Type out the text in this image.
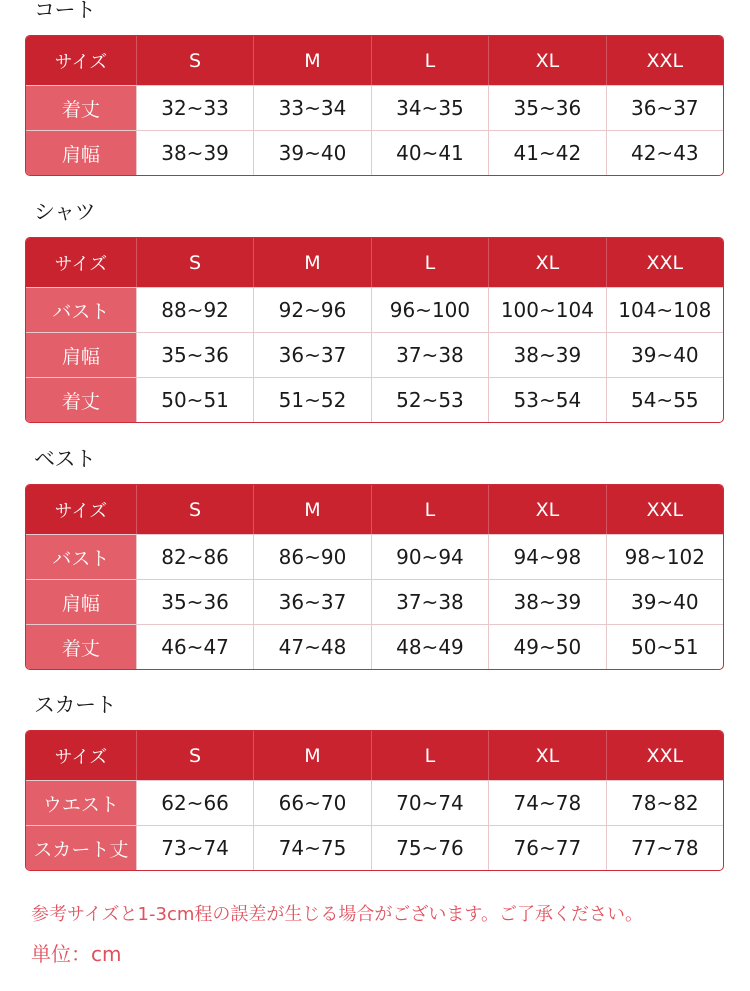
コート
サイズ	S	M	L	XL	XXL
着丈	32~33	33~34	34~35	35~36	36~37
肩幅	38~39	39~40	40~41	41~42	42~43
シャツ
サイズ	S	M	L	XL	XXL
バスト	88~92	92~96	96~100	100~104	104~108
肩幅	35~36	36~37	37~38	38~39	39~40
着丈	50~51	51~52	52~53	53~54	54~55
ベスト
サイズ	S	M	L	XL	XXL
バスト	82~86	86~90	90~94	94~98	98~102
肩幅	35~36	36~37	37~38	38~39	39~40
着丈	46~47	47~48	48~49	49~50	50~51
スカート
サイズ	S	M	L	XL	XXL
ウエスト	62~66	66~70	70~74	74~78	78~82
スカート丈	73~74	74~75	75~76	76~77	77~78
参考サイズと1-3cm程の誤差が生じる場合がございます。ご了承ください。
単位：cm
